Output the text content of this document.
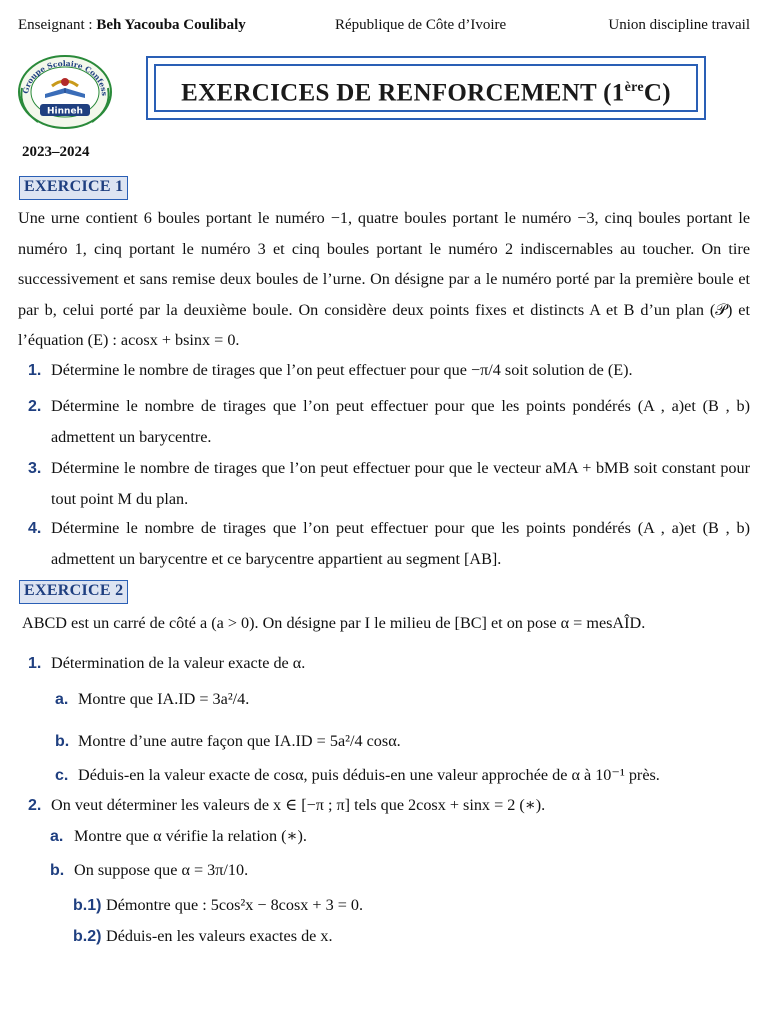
Enseignant : Beh Yacouba Coulibaly	République de Côte d’Ivoire	Union discipline travail
Groupe Scolaire Confess
Hinneh
EXERCICES DE RENFORCEMENT (1èreC)
2023–2024
EXERCICE 1
Une urne contient 6 boules portant le numéro −1, quatre boules portant le numéro −3, cinq boules portant le numéro 1, cinq portant le numéro 3 et cinq boules portant le numéro 2 indiscernables au toucher. On tire successivement et sans remise deux boules de l’urne. On désigne par a le numéro porté par la première boule et par b, celui porté par la deuxième boule. On considère deux points fixes et distincts A et B d’un plan (𝒫) et l’équation (E) : acosx + bsinx = 0.
1. Détermine le nombre de tirages que l’on peut effectuer pour que −π/4 soit solution de (E).
2. Détermine le nombre de tirages que l’on peut effectuer pour que les points pondérés (A , a)et (B , b) admettent un barycentre.
3. Détermine le nombre de tirages que l’on peut effectuer pour que le vecteur aMA + bMB soit constant pour tout point M du plan.
4. Détermine le nombre de tirages que l’on peut effectuer pour que les points pondérés (A , a)et (B , b) admettent un barycentre et ce barycentre appartient au segment [AB].
EXERCICE 2
ABCD est un carré de côté a (a > 0). On désigne par I le milieu de [BC] et on pose α = mesAÎD.
1. Détermination de la valeur exacte de α.
a. Montre que IA.ID = 3a²/4.
b. Montre d’une autre façon que IA.ID = 5a²/4 cosα.
c. Déduis-en la valeur exacte de cosα, puis déduis-en une valeur approchée de α à 10⁻¹ près.
2. On veut déterminer les valeurs de x ∈ [−π ; π] tels que 2cosx + sinx = 2 (∗).
a. Montre que α vérifie la relation (∗).
b. On suppose que α = 3π/10.
b.1) Démontre que : 5cos²x − 8cosx + 3 = 0.
b.2) Déduis-en les valeurs exactes de x.
